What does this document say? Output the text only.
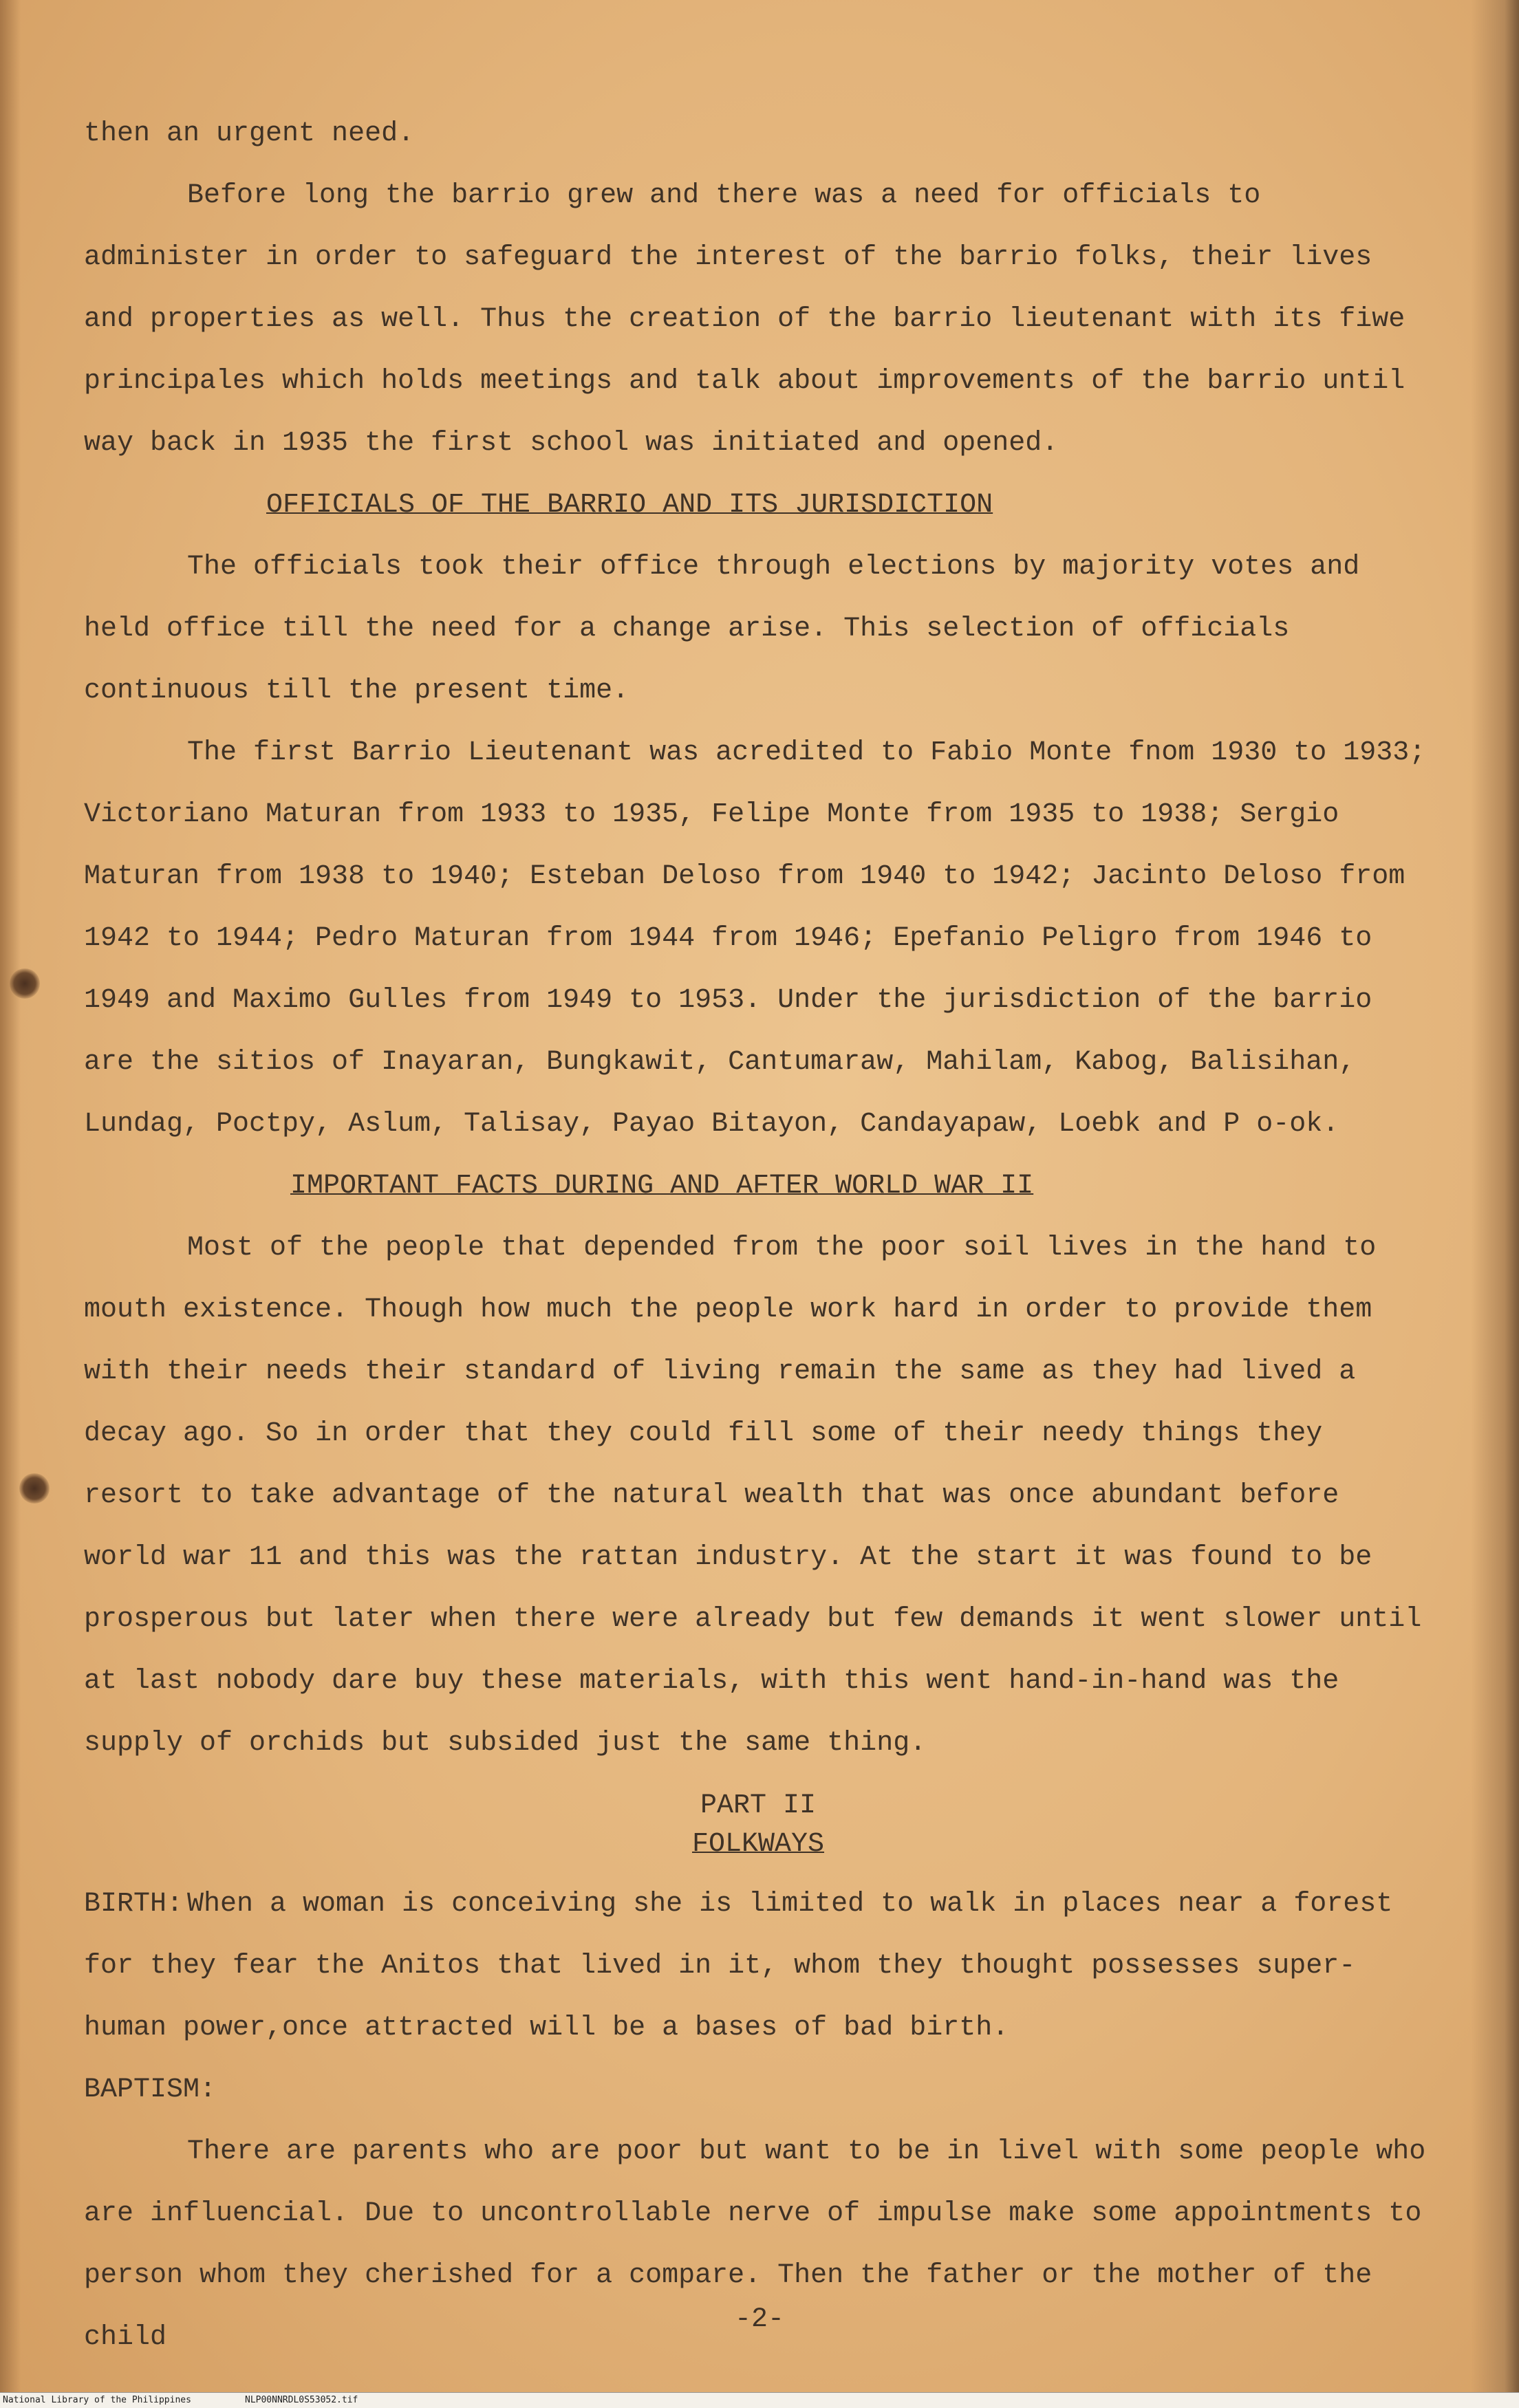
then an urgent need.

Before long the barrio grew and there was a need for officials to administer in order to safeguard the interest of the barrio folks, their lives and properties as well. Thus the creation of the barrio lieutenant with its fiwe principales which holds meetings and talk about improvements of the barrio until way back in 1935 the first school was initiated and opened.

OFFICIALS OF THE BARRIO AND ITS JURISDICTION

The officials took their office through elections by majority votes and held office till the need for a change arise. This selection of officials continuous till the present time.

The first Barrio Lieutenant was acredited to Fabio Monte fnom 1930 to 1933; Victoriano Maturan from 1933 to 1935, Felipe Monte from 1935 to 1938; Sergio Maturan from 1938 to 1940; Esteban Deloso from 1940 to 1942; Jacinto Deloso from 1942 to 1944; Pedro Maturan from 1944 from 1946; Epefanio Peligro from 1946 to 1949 and Maximo Gulles from 1949 to 1953. Under the jurisdiction of the barrio are the sitios of Inayaran, Bungkawit, Cantumaraw, Mahilam, Kabog, Balisihan, Lundag, Poctpy, Aslum, Talisay, Payao Bitayon, Candayapaw, Loebk and P o-ok.

IMPORTANT FACTS DURING AND AFTER WORLD WAR II

Most of the people that depended from the poor soil lives in the hand to mouth existence. Though how much the people work hard in order to provide them with their needs their standard of living remain the same as they had lived a decay ago. So in order that they could fill some of their needy things they resort to take advantage of the natural wealth that was once abundant before world war 11 and this was the rattan industry. At the start it was found to be prosperous but later when there were already but few demands it went slower until at last nobody dare buy these materials, with this went hand-in-hand was the supply of orchids but subsided just the same thing.

PART II

FOLKWAYS

BIRTH: When a woman is conceiving she is limited to walk in places near a forest for they fear the Anitos that lived in it, whom they thought possesses super-human power,once attracted will be a bases of bad birth.

BAPTISM:

There are parents who are poor but want to be in livel with some people who are influencial. Due to uncontrollable nerve of impulse make some appointments to person whom they cherished for a compare. Then the father or the mother of the child

-2-
National Library of the Philippines	NLP00NNRDL0S53052.tif
